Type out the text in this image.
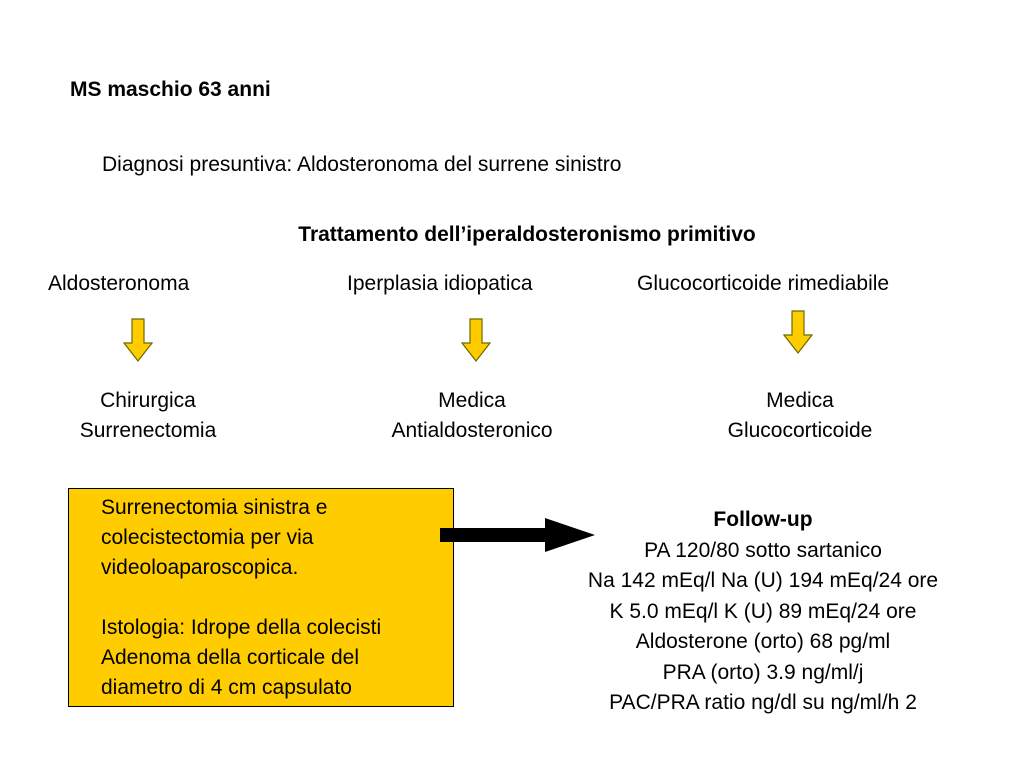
MS maschio 63 anni
Diagnosi presuntiva: Aldosteronoma del surrene sinistro
Trattamento dell’iperaldosteronismo primitivo
Aldosteronoma	Iperplasia idiopatica	Glucocorticoide rimediabile
Chirurgica
Surrenectomia
Medica
Antialdosteronico
Medica
Glucocorticoide
Surrenectomia sinistra e
colecistectomia per via
videoloaparoscopica.
Istologia: Idrope della colecisti
Adenoma della corticale del
diametro di 4 cm capsulato
Follow-up
PA 120/80 sotto sartanico
Na 142 mEq/l Na (U) 194 mEq/24 ore
K 5.0 mEq/l K (U) 89 mEq/24 ore
Aldosterone (orto) 68 pg/ml
PRA (orto) 3.9 ng/ml/j
PAC/PRA ratio ng/dl su ng/ml/h 2
